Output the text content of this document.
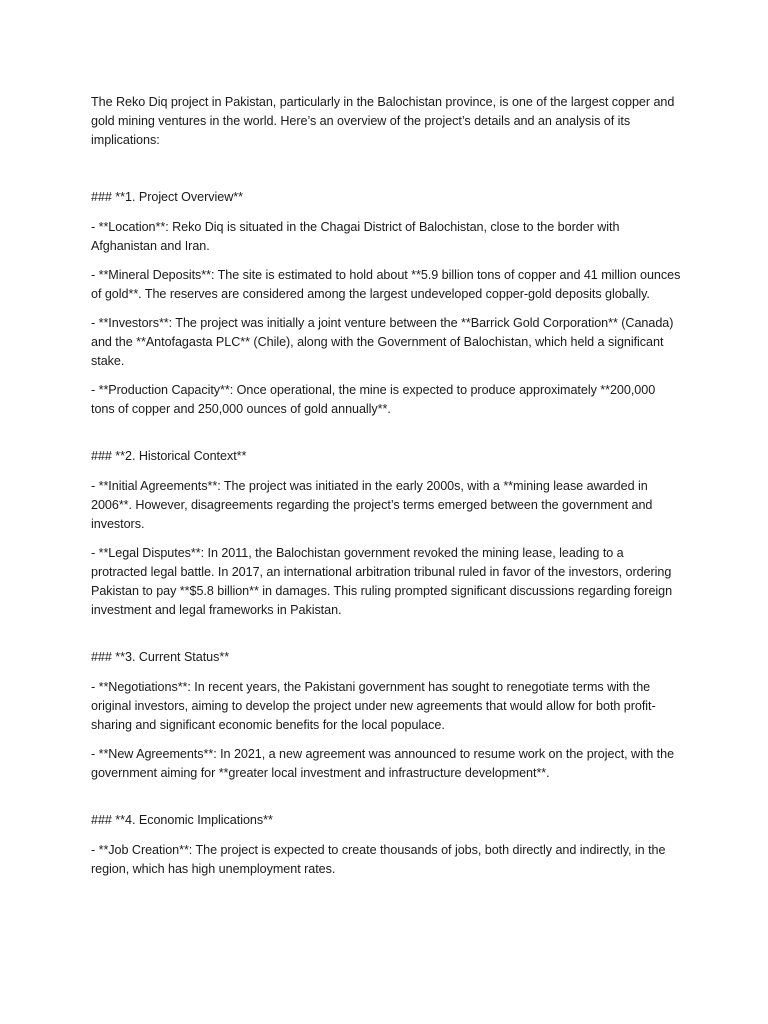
The Reko Diq project in Pakistan, particularly in the Balochistan province, is one of the largest copper and gold mining ventures in the world. Here’s an overview of the project’s details and an analysis of its implications:

### **1. Project Overview**

- **Location**: Reko Diq is situated in the Chagai District of Balochistan, close to the border with Afghanistan and Iran.

- **Mineral Deposits**: The site is estimated to hold about **5.9 billion tons of copper and 41 million ounces of gold**. The reserves are considered among the largest undeveloped copper-gold deposits globally.

- **Investors**: The project was initially a joint venture between the **Barrick Gold Corporation** (Canada) and the **Antofagasta PLC** (Chile), along with the Government of Balochistan, which held a significant stake.

- **Production Capacity**: Once operational, the mine is expected to produce approximately **200,000 tons of copper and 250,000 ounces of gold annually**.

### **2. Historical Context**

- **Initial Agreements**: The project was initiated in the early 2000s, with a **mining lease awarded in 2006**. However, disagreements regarding the project’s terms emerged between the government and investors.

- **Legal Disputes**: In 2011, the Balochistan government revoked the mining lease, leading to a protracted legal battle. In 2017, an international arbitration tribunal ruled in favor of the investors, ordering Pakistan to pay **$5.8 billion** in damages. This ruling prompted significant discussions regarding foreign investment and legal frameworks in Pakistan.

### **3. Current Status**

- **Negotiations**: In recent years, the Pakistani government has sought to renegotiate terms with the original investors, aiming to develop the project under new agreements that would allow for both profit-sharing and significant economic benefits for the local populace.

- **New Agreements**: In 2021, a new agreement was announced to resume work on the project, with the government aiming for **greater local investment and infrastructure development**.

### **4. Economic Implications**

- **Job Creation**: The project is expected to create thousands of jobs, both directly and indirectly, in the region, which has high unemployment rates.
